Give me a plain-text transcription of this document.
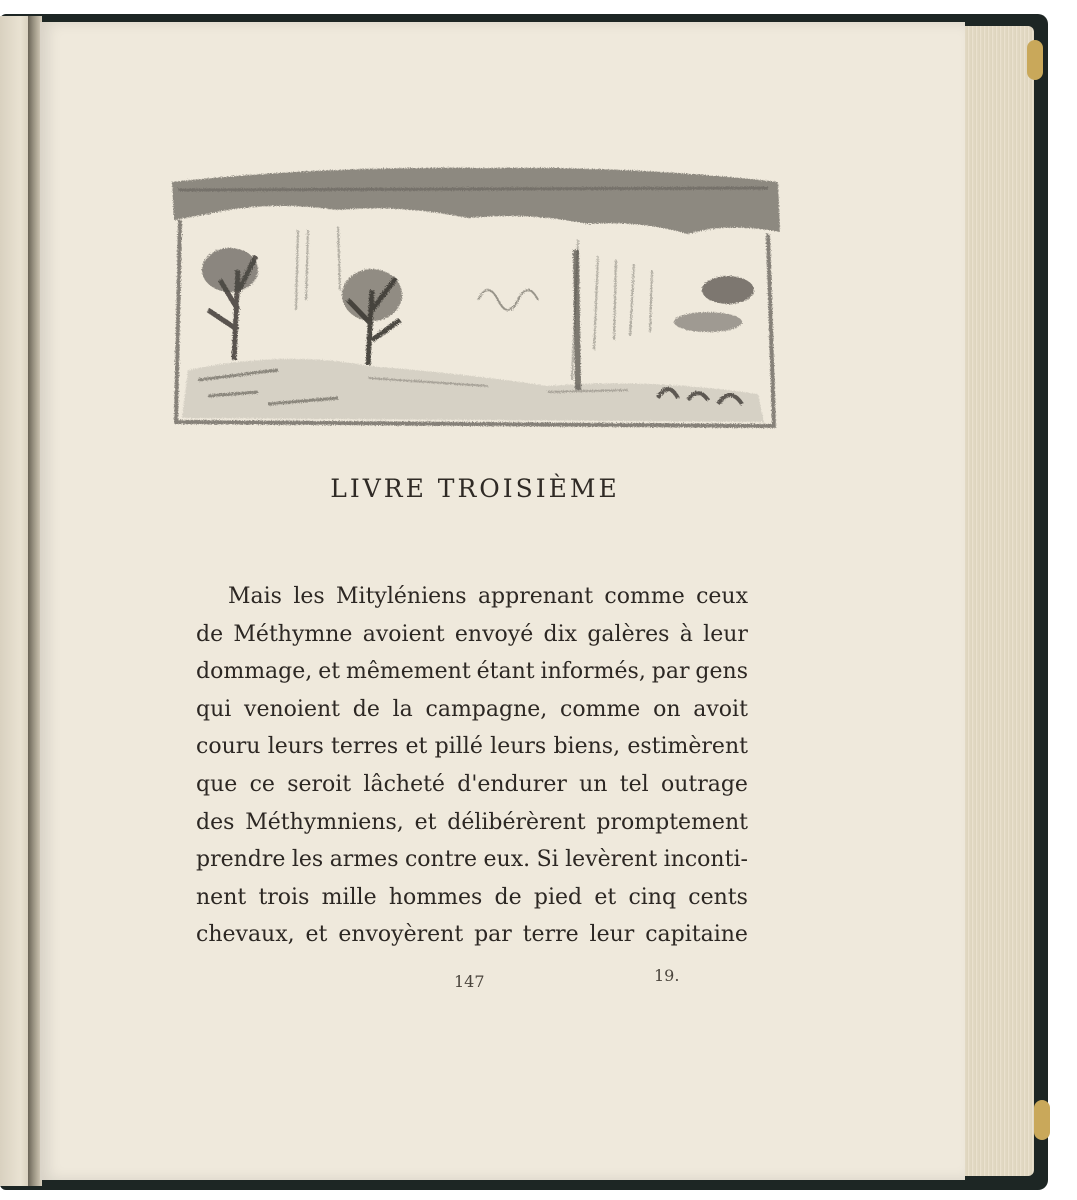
LIVRE TROISIÈME
Mais les Mityléniens apprenant comme ceux
de Méthymne avoient envoyé dix galères à leur
dommage, et mêmement étant informés, par gens
qui venoient de la campagne, comme on avoit
couru leurs terres et pillé leurs biens, estimèrent
que ce seroit lâcheté d'endurer un tel outrage
des Méthymniens, et délibérèrent promptement
prendre les armes contre eux. Si levèrent inconti-
nent trois mille hommes de pied et cinq cents
chevaux, et envoyèrent par terre leur capitaine
147	19.
